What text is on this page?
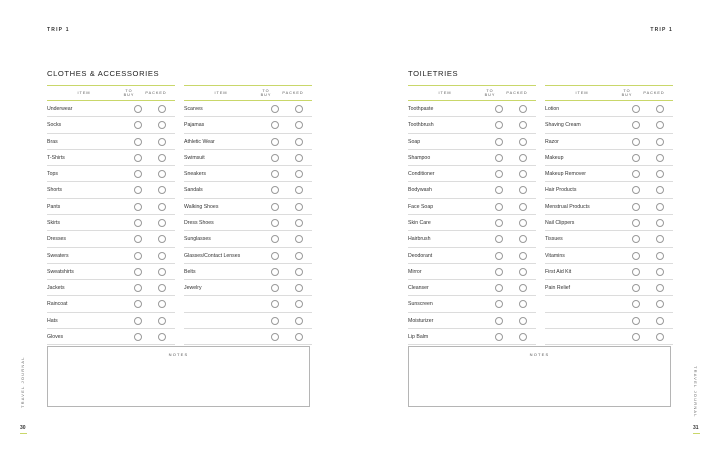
TRIP 1
CLOTHES & ACCESSORIES
ITEM
TO
BUY
PACKED
Underwear
Socks
Bras
T-Shirts
Tops
Shorts
Pants
Skirts
Dresses
Sweaters
Sweatshirts
Jackets
Raincoat
Hats
Gloves
ITEM
TO
BUY
PACKED
Scarves
Pajamas
Athletic Wear
Swimsuit
Sneakers
Sandals
Walking Shoes
Dress Shoes
Sunglasses
Glasses/Contact Lenses
Belts
Jewelry
NOTES
TRAVEL JOURNAL
30
TRIP 1
TOILETRIES
ITEM
TO
BUY
PACKED
Toothpaste
Toothbrush
Soap
Shampoo
Conditioner
Bodywash
Face Soap
Skin Care
Hairbrush
Deodorant
Mirror
Cleanser
Sunscreen
Moisturizer
Lip Balm
ITEM
TO
BUY
PACKED
Lotion
Shaving Cream
Razor
Makeup
Makeup Remover
Hair Products
Menstrual Products
Nail Clippers
Tissues
Vitamins
First Aid Kit
Pain Relief
NOTES
TRAVEL JOURNAL
31
